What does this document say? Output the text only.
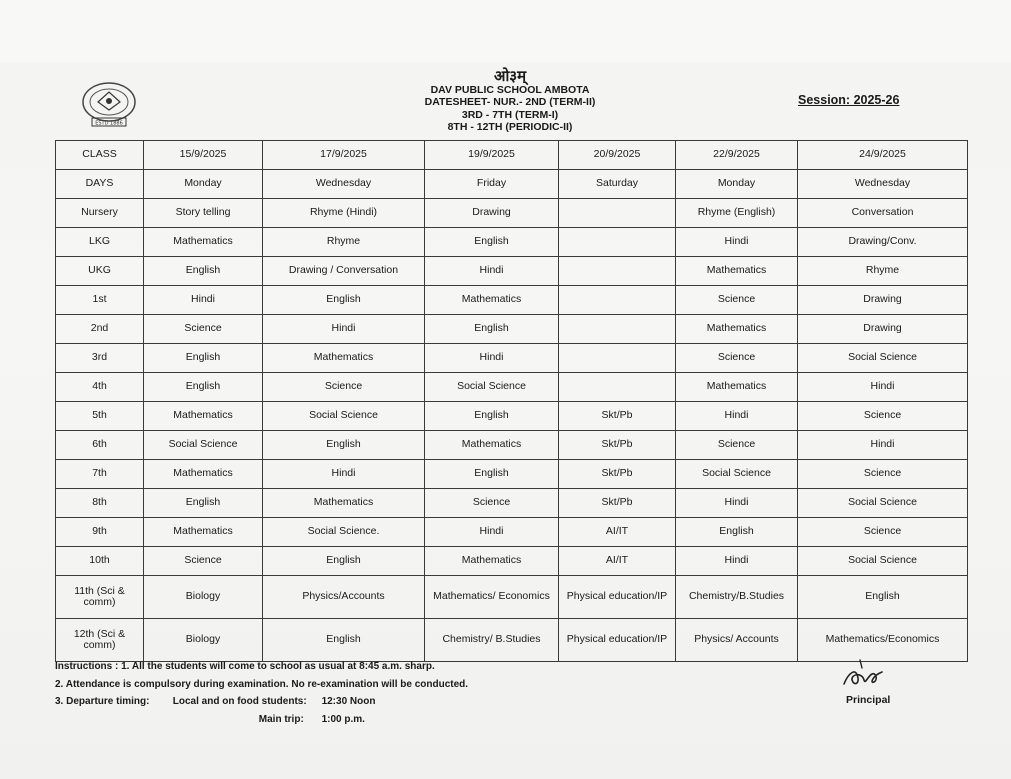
ESTD 1886
ओ३म्
DAV PUBLIC SCHOOL AMBOTA
DATESHEET- NUR.- 2ND (TERM-II)
3RD - 7TH (TERM-I)
8TH - 12TH (PERIODIC-II)
Session: 2025-26
CLASS	15/9/2025	17/9/2025	19/9/2025	20/9/2025	22/9/2025	24/9/2025
DAYS	Monday	Wednesday	Friday	Saturday	Monday	Wednesday
Nursery	Story telling	Rhyme (Hindi)	Drawing		Rhyme (English)	Conversation
LKG	Mathematics	Rhyme	English		Hindi	Drawing/Conv.
UKG	English	Drawing / Conversation	Hindi		Mathematics	Rhyme
1st	Hindi	English	Mathematics		Science	Drawing
2nd	Science	Hindi	English		Mathematics	Drawing
3rd	English	Mathematics	Hindi		Science	Social Science
4th	English	Science	Social Science		Mathematics	Hindi
5th	Mathematics	Social Science	English	Skt/Pb	Hindi	Science
6th	Social Science	English	Mathematics	Skt/Pb	Science	Hindi
7th	Mathematics	Hindi	English	Skt/Pb	Social Science	Science
8th	English	Mathematics	Science	Skt/Pb	Hindi	Social Science
9th	Mathematics	Social Science.	Hindi	AI/IT	English	Science
10th	Science	English	Mathematics	AI/IT	Hindi	Social Science
11th (Sci & comm)	Biology	Physics/Accounts	Mathematics/ Economics	Physical education/IP	Chemistry/B.Studies	English
12th (Sci & comm)	Biology	English	Chemistry/ B.Studies	Physical education/IP	Physics/ Accounts	Mathematics/Economics
Instructions : 1. All the students will come to school as usual at 8:45 a.m. sharp.
2. Attendance is compulsory during examination. No re-examination will be conducted.
3. Departure timing: Local and on food students: 12:30 Noon
Main trip: 1:00 p.m.
Principal
